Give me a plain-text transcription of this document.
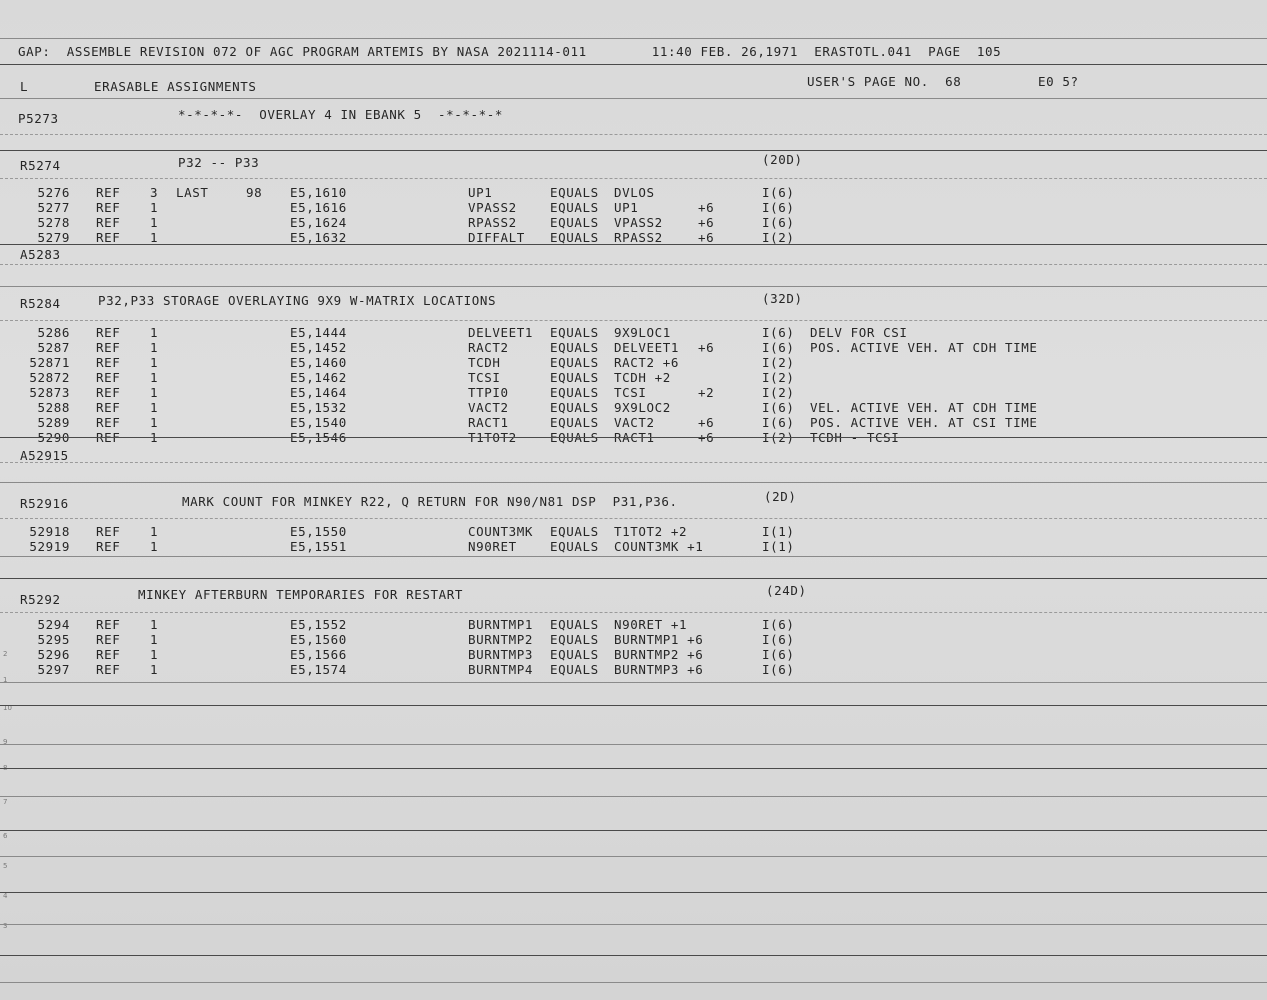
GAP:  ASSEMBLE REVISION 072 OF AGC PROGRAM ARTEMIS BY NASA 2021114-011        11:40 FEB. 26,1971  ERASTOTL.041  PAGE  105
L	ERASABLE ASSIGNMENTS	USER'S PAGE NO.  68	E0 5?
P5273	*-*-*-*-  OVERLAY 4 IN EBANK 5  -*-*-*-*
R5274	P32 -- P33	(20D)
5276 REF 3 LAST	98 E5,1610	UP1	EQUALS DVLOS	I(6)
5277 REF 1	E5,1616	VPASS2	EQUALS UP1	+6	I(6)
5278 REF 1	E5,1624	RPASS2	EQUALS VPASS2	+6	I(6)
5279 REF 1	E5,1632	DIFFALT EQUALS RPASS2	+6	I(2)
A5283
R5284	P32,P33 STORAGE OVERLAYING 9X9 W-MATRIX LOCATIONS	(32D)
5286 REF 1	E5,1444	DELVEET1 EQUALS 9X9LOC1	I(6) DELV FOR CSI
5287 REF 1	E5,1452	RACT2	EQUALS DELVEET1 +6	I(6) POS. ACTIVE VEH. AT CDH TIME
52871 REF 1	E5,1460	TCDH	EQUALS RACT2 +6	I(2)
52872 REF 1	E5,1462	TCSI	EQUALS TCDH +2	I(2)
52873 REF 1	E5,1464	TTPI0	EQUALS TCSI	+2	I(2)
5288 REF 1	E5,1532	VACT2	EQUALS 9X9LOC2	I(6) VEL. ACTIVE VEH. AT CDH TIME
5289 REF 1	E5,1540	RACT1	EQUALS VACT2	+6	I(6) POS. ACTIVE VEH. AT CSI TIME
5290 REF 1	E5,1546	T1TOT2	EQUALS RACT1	+6	I(2) TCDH - TCSI
A52915
R52916	MARK COUNT FOR MINKEY R22, Q RETURN FOR N90/N81 DSP  P31,P36.	(2D)
52918 REF 1	E5,1550	COUNT3MK EQUALS T1TOT2 +2	I(1)
52919 REF 1	E5,1551	N90RET	EQUALS COUNT3MK +1	I(1)
R5292	MINKEY AFTERBURN TEMPORARIES FOR RESTART	(24D)
5294 REF 1	E5,1552	BURNTMP1 EQUALS N90RET +1	I(6)
5295 REF 1	E5,1560	BURNTMP2 EQUALS BURNTMP1 +6	I(6)
5296 REF 1	E5,1566	BURNTMP3 EQUALS BURNTMP2 +6	I(6)
5297 REF 1	E5,1574	BURNTMP4 EQUALS BURNTMP3 +6	I(6)
2
1
10
9
8
7
6
5
4
3
